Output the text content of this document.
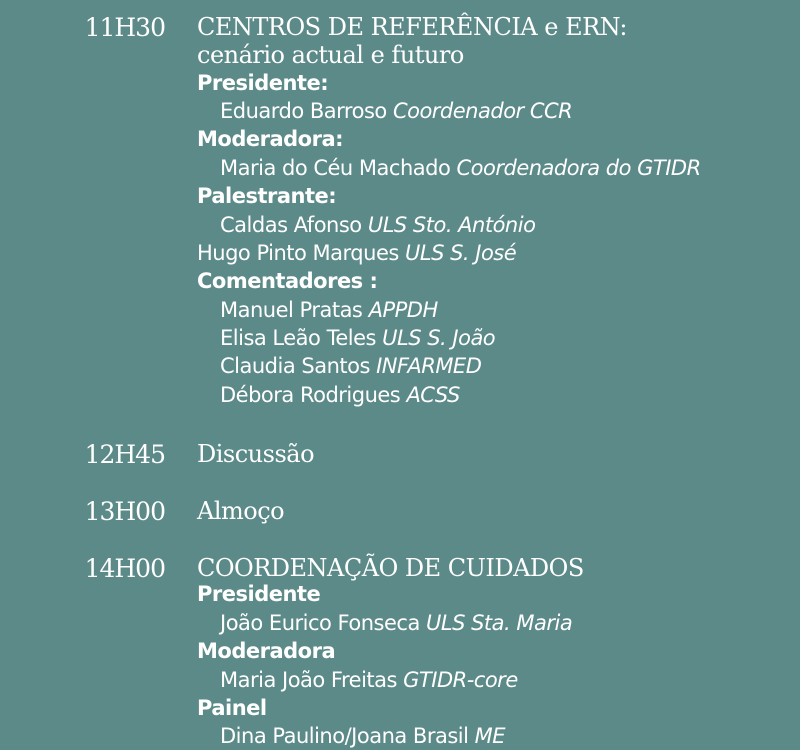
11H30 CENTROS DE REFERÊNCIA e ERN:
cenário actual e futuro
Presidente:
Eduardo Barroso Coordenador CCR
Moderadora:
Maria do Céu Machado Coordenadora do GTIDR
Palestrante:
Caldas Afonso ULS Sto. António
Hugo Pinto Marques ULS S. José
Comentadores :
Manuel Pratas APPDH
Elisa Leão Teles ULS S. João
Claudia Santos INFARMED
Débora Rodrigues ACSS
12H45 Discussão
13H00 Almoço
14H00 COORDENAÇÃO DE CUIDADOS
Presidente
João Eurico Fonseca ULS Sta. Maria
Moderadora
Maria João Freitas GTIDR-core
Painel
Dina Paulino/Joana Brasil ME
